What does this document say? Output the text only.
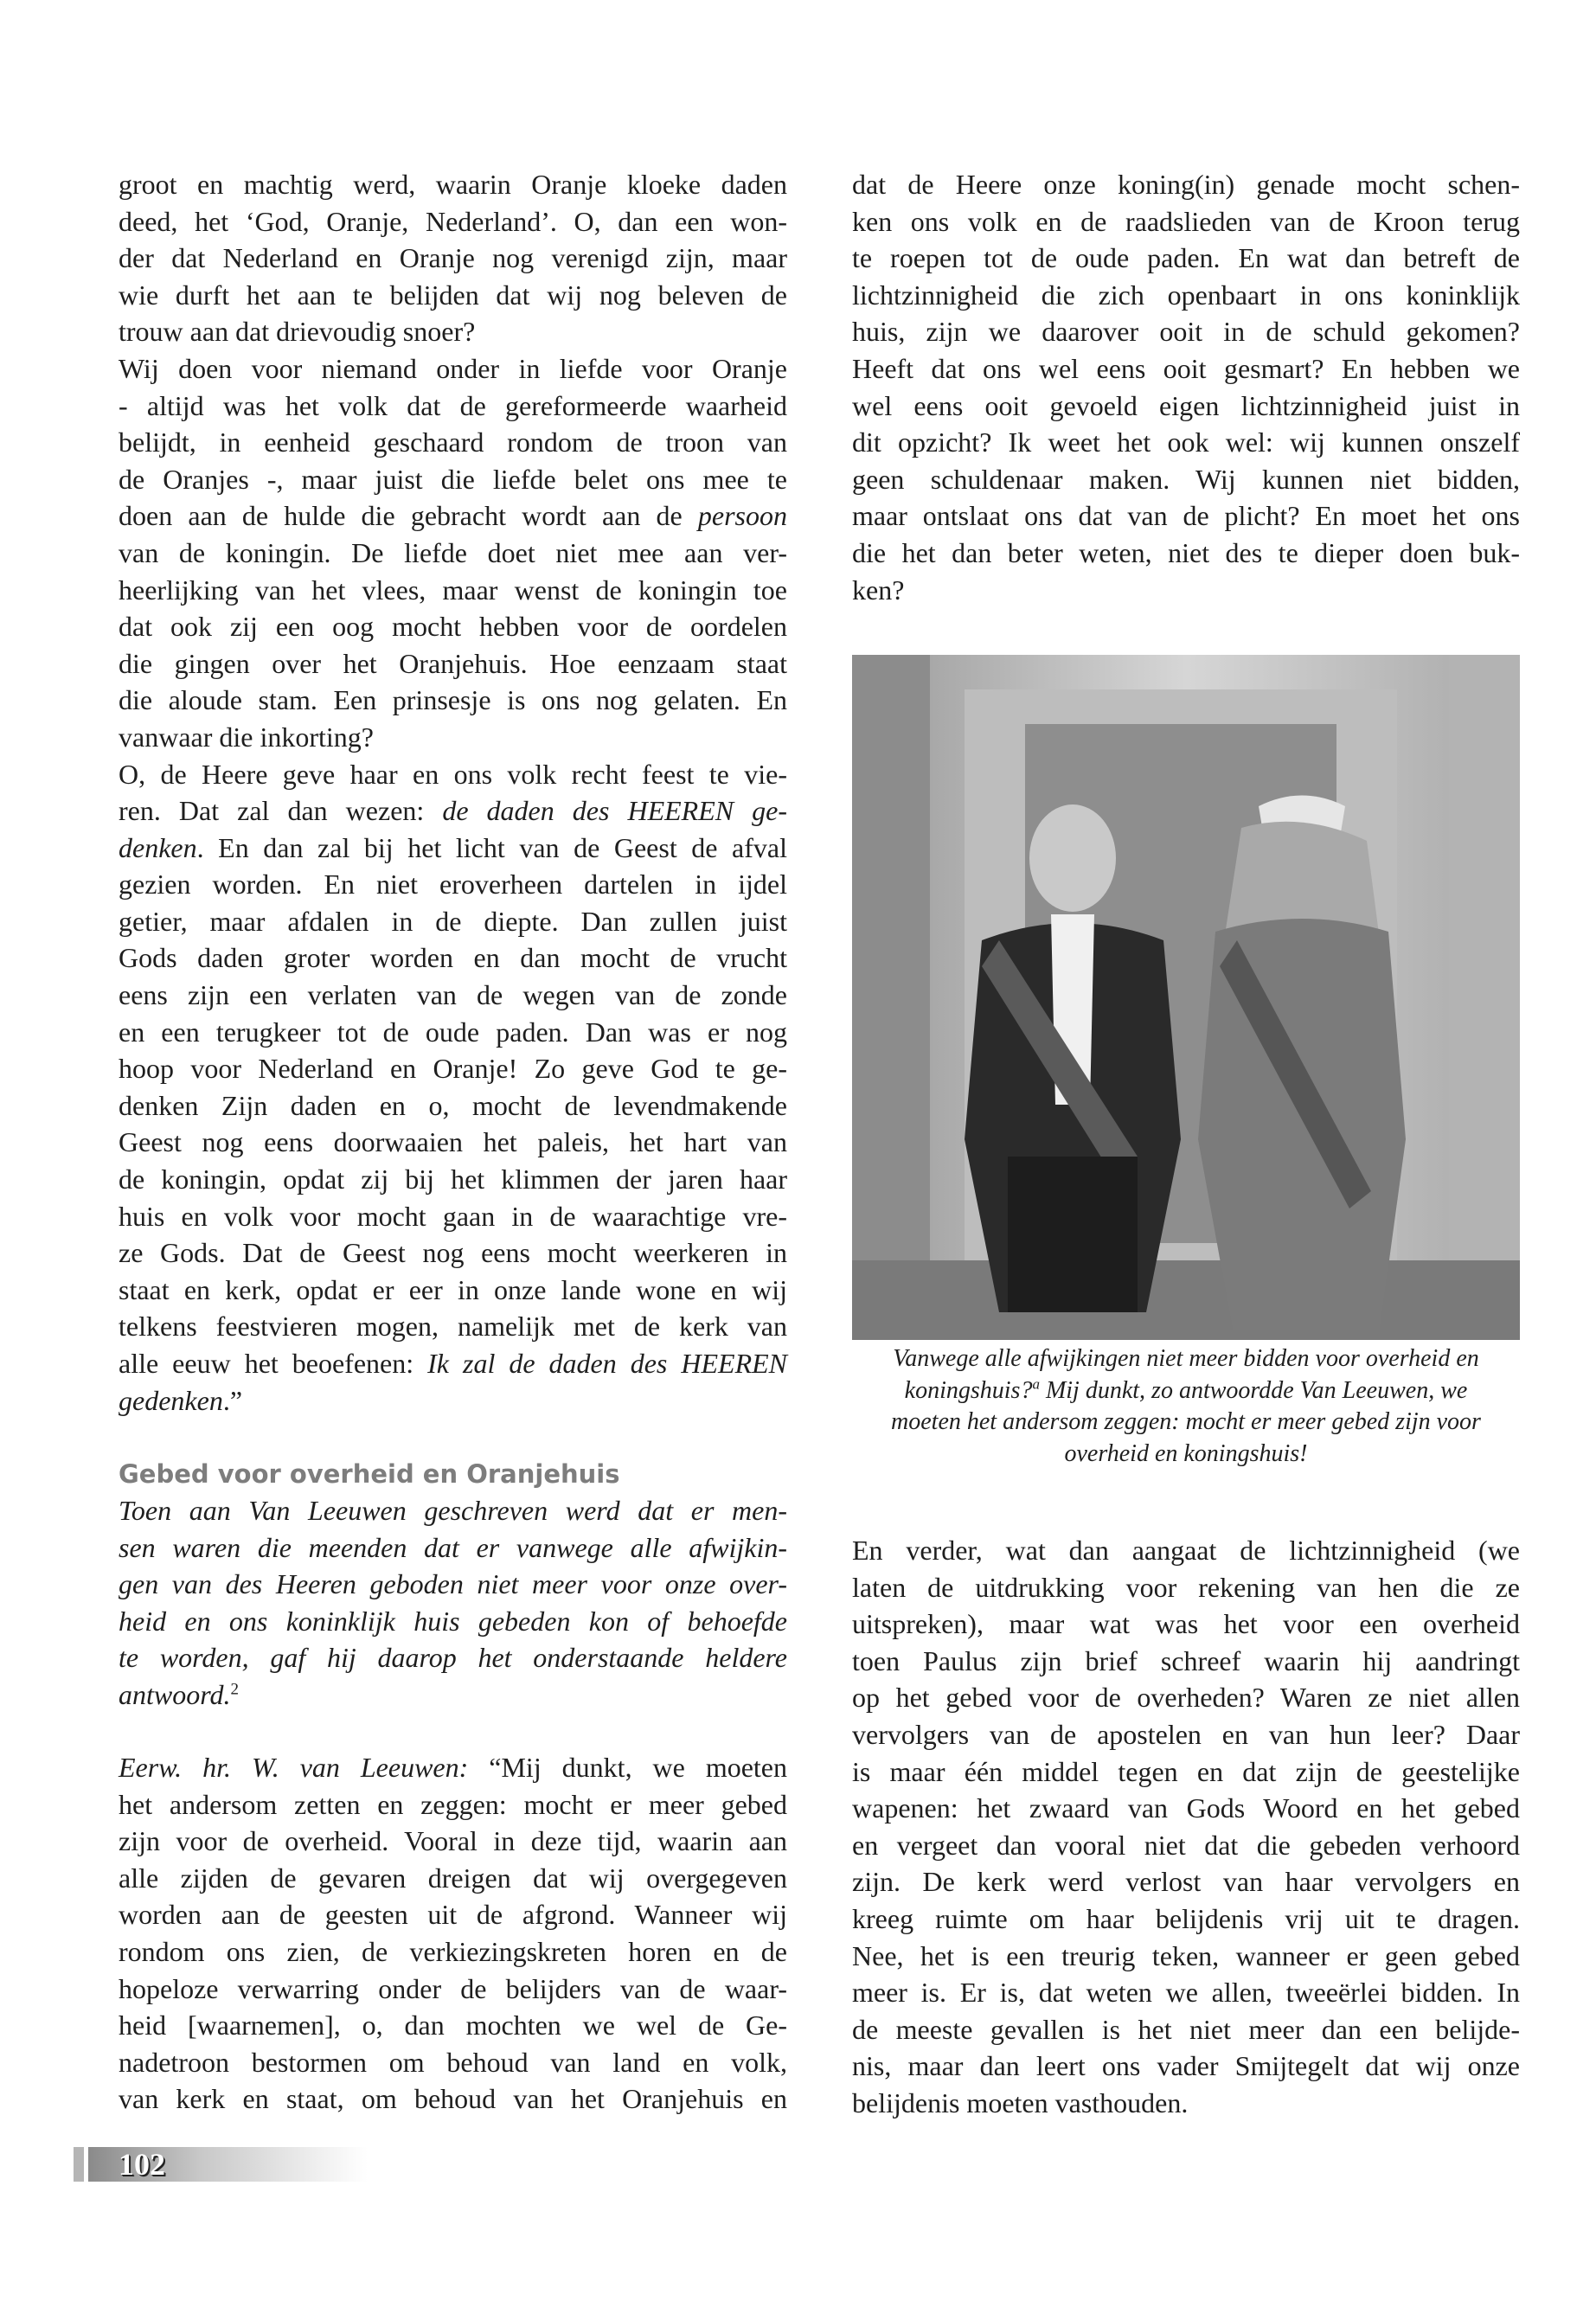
groot en machtig werd, waarin Oranje kloeke daden
deed, het ‘God, Oranje, Nederland’. O, dan een won-
der dat Nederland en Oranje nog verenigd zijn, maar
wie durft het aan te belijden dat wij nog beleven de
trouw aan dat drievoudig snoer?
Wij doen voor niemand onder in liefde voor Oranje
- altijd was het volk dat de gereformeerde waarheid
belijdt, in eenheid geschaard rondom de troon van
de Oranjes -, maar juist die liefde belet ons mee te
doen aan de hulde die gebracht wordt aan de persoon
van de koningin. De liefde doet niet mee aan ver-
heerlijking van het vlees, maar wenst de koningin toe
dat ook zij een oog mocht hebben voor de oordelen
die gingen over het Oranjehuis. Hoe eenzaam staat
die aloude stam. Een prinsesje is ons nog gelaten. En
vanwaar die inkorting?
O, de Heere geve haar en ons volk recht feest te vie-
ren. Dat zal dan wezen: de daden des HEEREN ge-
denken. En dan zal bij het licht van de Geest de afval
gezien worden. En niet eroverheen dartelen in ijdel
getier, maar afdalen in de diepte. Dan zullen juist
Gods daden groter worden en dan mocht de vrucht
eens zijn een verlaten van de wegen van de zonde
en een terugkeer tot de oude paden. Dan was er nog
hoop voor Nederland en Oranje! Zo geve God te ge-
denken Zijn daden en o, mocht de levendmakende
Geest nog eens doorwaaien het paleis, het hart van
de koningin, opdat zij bij het klimmen der jaren haar
huis en volk voor mocht gaan in de waarachtige vre-
ze Gods. Dat de Geest nog eens mocht weerkeren in
staat en kerk, opdat er eer in onze lande wone en wij
telkens feestvieren mogen, namelijk met de kerk van
alle eeuw het beoefenen: Ik zal de daden des HEEREN
gedenken.”
Gebed voor overheid en Oranjehuis
Toen aan Van Leeuwen geschreven werd dat er men-
sen waren die meenden dat er vanwege alle afwijkin-
gen van des Heeren geboden niet meer voor onze over-
heid en ons koninklijk huis gebeden kon of behoefde
te worden, gaf hij daarop het onderstaande heldere
antwoord.$^2$
Eerw. hr. W. van Leeuwen: “Mij dunkt, we moeten
het andersom zetten en zeggen: mocht er meer gebed
zijn voor de overheid. Vooral in deze tijd, waarin aan
alle zijden de gevaren dreigen dat wij overgegeven
worden aan de geesten uit de afgrond. Wanneer wij
rondom ons zien, de verkiezingskreten horen en de
hopeloze verwarring onder de belijders van de waar-
heid [waarnemen], o, dan mochten we wel de Ge-
nadetroon bestormen om behoud van land en volk,
van kerk en staat, om behoud van het Oranjehuis en
dat de Heere onze koning(in) genade mocht schen-
ken ons volk en de raadslieden van de Kroon terug
te roepen tot de oude paden. En wat dan betreft de
lichtzinnigheid die zich openbaart in ons koninklijk
huis, zijn we daarover ooit in de schuld gekomen?
Heeft dat ons wel eens ooit gesmart? En hebben we
wel eens ooit gevoeld eigen lichtzinnigheid juist in
dit opzicht? Ik weet het ook wel: wij kunnen onszelf
geen schuldenaar maken. Wij kunnen niet bidden,
maar ontslaat ons dat van de plicht? En moet het ons
die het dan beter weten, niet des te dieper doen buk-
ken?
Vanwege alle afwijkingen niet meer bidden voor overheid en
koningshuis?$^a$ Mij dunkt, zo antwoordde Van Leeuwen, we
moeten het andersom zeggen: mocht er meer gebed zijn voor
overheid en koningshuis!
En verder, wat dan aangaat de lichtzinnigheid (we
laten de uitdrukking voor rekening van hen die ze
uitspreken), maar wat was het voor een overheid
toen Paulus zijn brief schreef waarin hij aandringt
op het gebed voor de overheden? Waren ze niet allen
vervolgers van de apostelen en van hun leer? Daar
is maar één middel tegen en dat zijn de geestelijke
wapenen: het zwaard van Gods Woord en het gebed
en vergeet dan vooral niet dat die gebeden verhoord
zijn. De kerk werd verlost van haar vervolgers en
kreeg ruimte om haar belijdenis vrij uit te dragen.
Nee, het is een treurig teken, wanneer er geen gebed
meer is. Er is, dat weten we allen, tweeërlei bidden. In
de meeste gevallen is het niet meer dan een belijde-
nis, maar dan leert ons vader Smijtegelt dat wij onze
belijdenis moeten vasthouden.
102
